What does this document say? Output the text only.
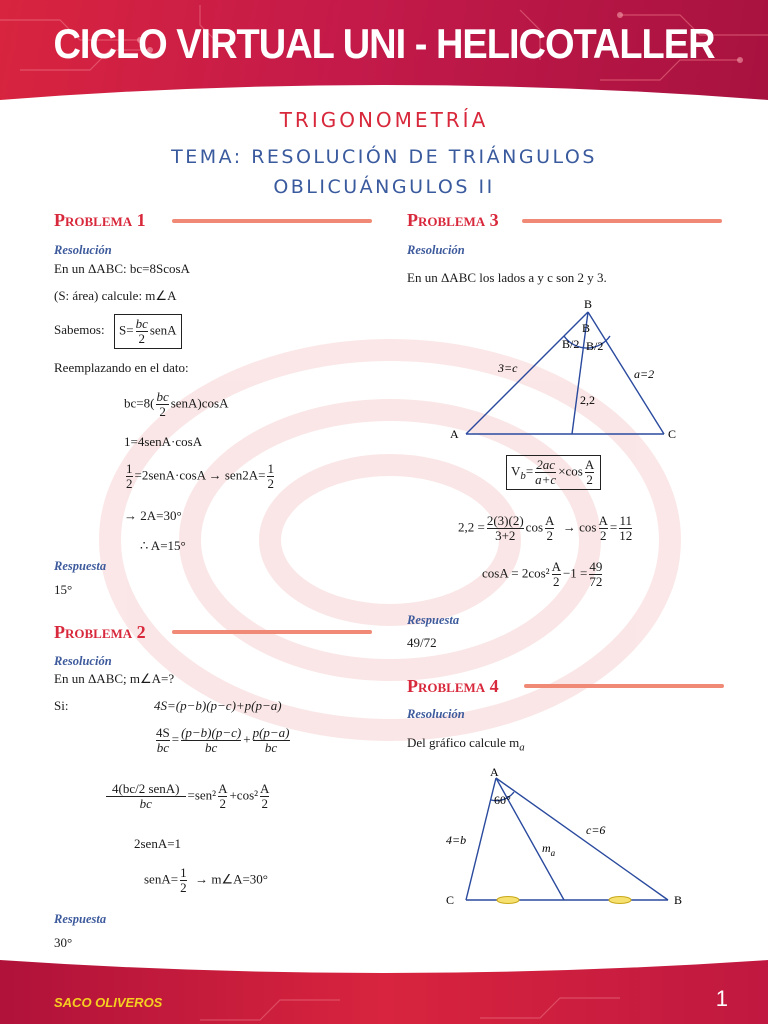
CICLO VIRTUAL UNI - HELICOTALLER
TRIGONOMETRÍA
TEMA: RESOLUCIÓN DE TRIÁNGULOS
OBLICUÁNGULOS II
Problema 1
Resolución
En un ΔABC: bc=8ScosA
(S: área) calcule: m∠A
Sabemos:	$S= \frac{bc}{2}$ senA
Reemplazando en el dato:
$bc=8( \frac{bc}{2}$ senA)cosA
1=4senA·cosA
$\frac{1}{2}$ =2senA·cosA → $sen2A= \frac{1}{2}$
→ 2A=30°
∴ A=15°
Respuesta
15°
Problema 2
Resolución
En un ΔABC; m∠A=?
Si:	4S=(p−b)(p−c)+p(p−a)
$\frac{4S}{bc} = \frac{(p-b)(p-c)}{bc} + \frac{p(p-a)}{bc}$
$\frac{\text{4(bc/2 senA)}}{bc} =sen^2 \frac{A}{2} +\cos^2 \frac{A}{2}$
2senA=1
senA= $\frac{1}{2}$ → m∠A=30°
Respuesta
30°
Problema 3
Resolución
En un ΔABC los lados a y c son 2 y 3.
B
B
B/2 B/2
3=c	a=2
2,2
A	C
$V_b= \frac{2ac}{a+c} \times\cos \frac{A}{2}$
$2,2 = \frac{2(3)(2)}{3+2}$ $\cos \frac{A}{2} \to \cos \frac{A}{2} = \frac{11}{12}$
$\cos A = 2\cos^2 \frac{A}{2} -1 = \frac{49}{72}$
Respuesta
49/72
Problema 4
Resolución
Del gráfico calcule $m_a$
A
60°
4=b
c=6
$m_a$
C	B
SACO OLIVEROS	1
